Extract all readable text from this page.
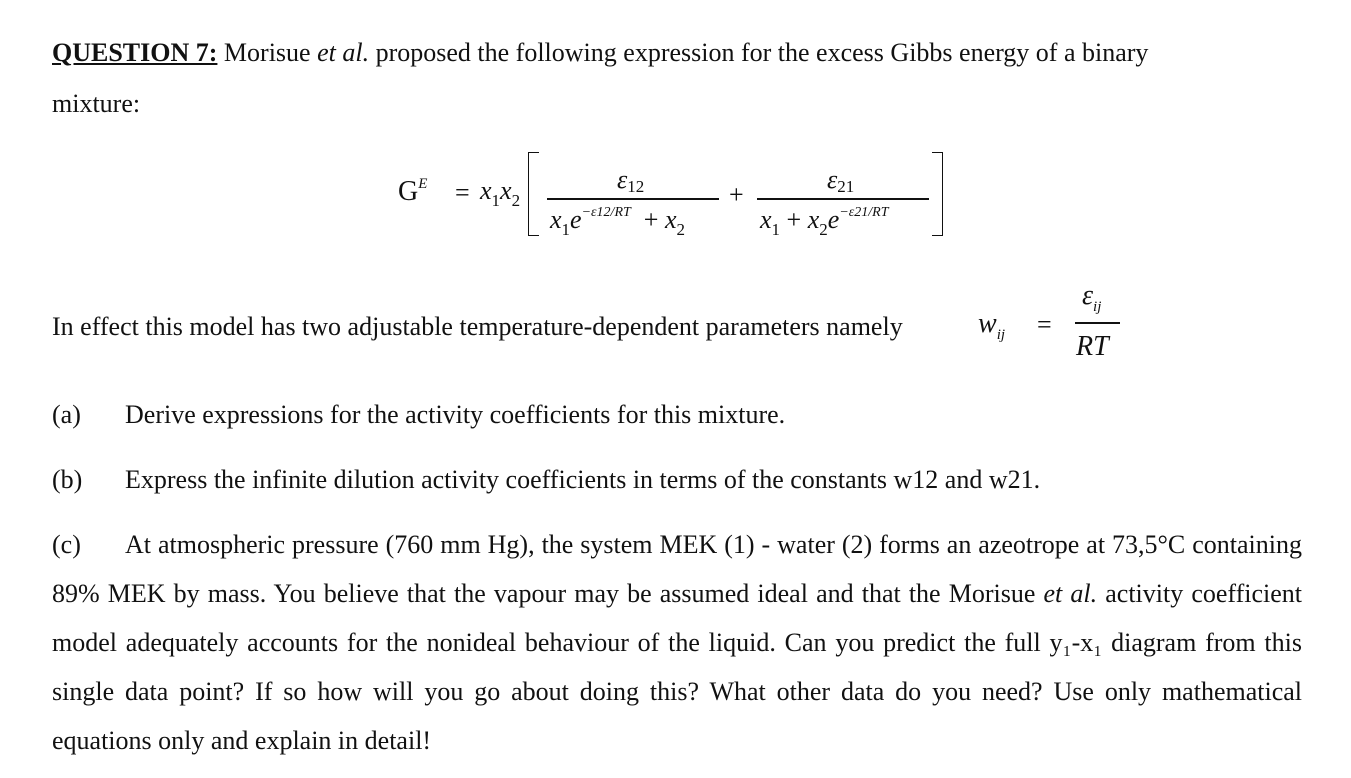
QUESTION 7: Morisue et al. proposed the following expression for the excess Gibbs energy of a binary
mixture:
$G^E = x_1x_2$
ε12
$x_1e^{-\varepsilon 12/RT} + x_2$
+
ε21
$x_1 + x_2e^{-\varepsilon 21/RT}$
In effect this model has two adjustable temperature-dependent parameters namely	$w_{ij}$ =
$\varepsilon_{ij}$
RT
(a) Derive expressions for the activity coefficients for this mixture.
(b) Express the infinite dilution activity coefficients in terms of the constants w12 and w21.
(c) At atmospheric pressure (760 mm Hg), the system MEK (1) - water (2) forms an azeotrope at 73,5°C containing 89% MEK by mass. You believe that the vapour may be assumed ideal and that the Morisue et al. activity coefficient model adequately accounts for the nonideal behaviour of the liquid. Can you predict the full y₁-x₁ diagram from this single data point? If so how will you go about doing this? What other data do you need? Use only mathematical equations only and explain in detail!
